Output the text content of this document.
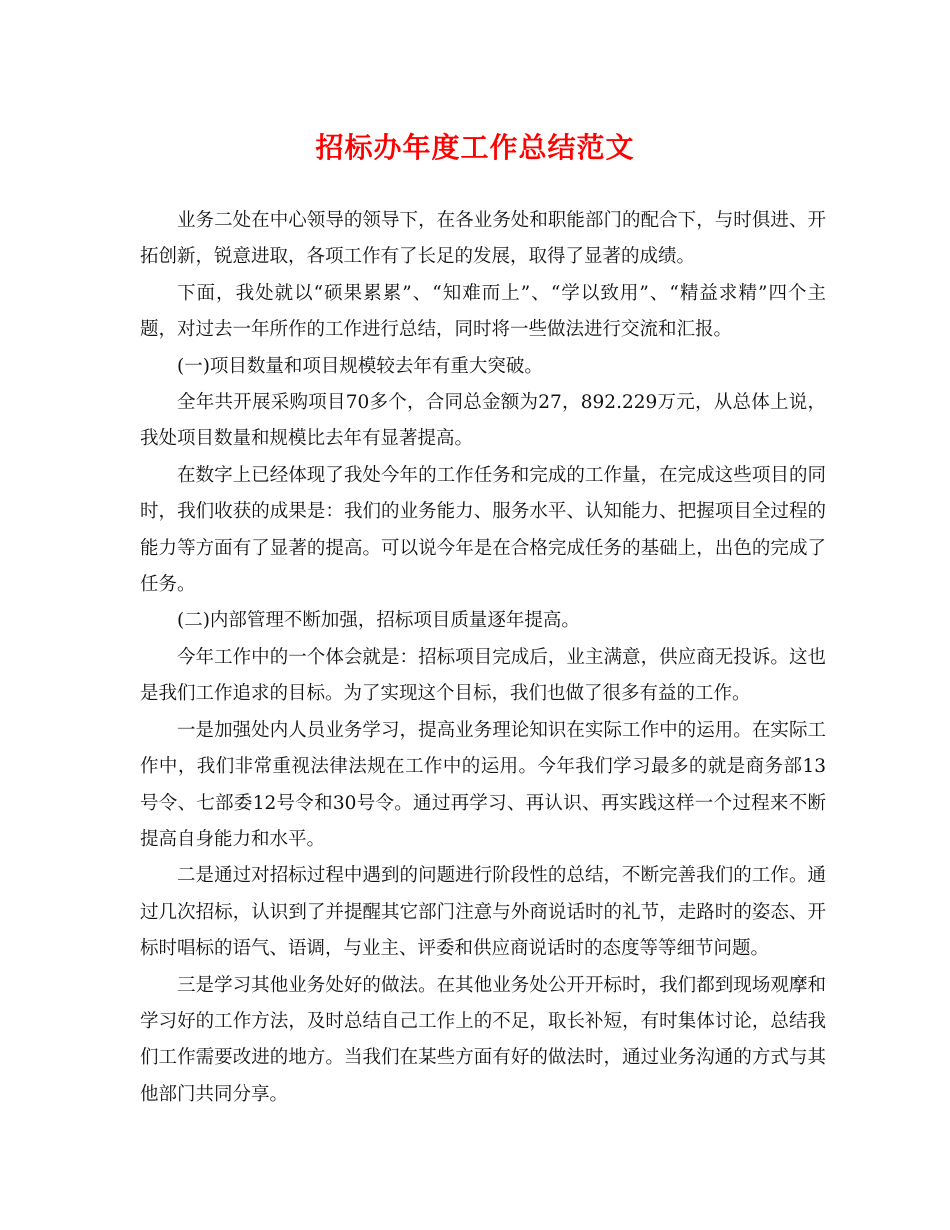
招标办年度工作总结范文

业务二处在中心领导的领导下，在各业务处和职能部门的配合下，与时俱进、开拓创新，锐意进取，各项工作有了长足的发展，取得了显著的成绩。

下面，我处就以“硕果累累”、“知难而上”、“学以致用”、“精益求精”四个主题，对过去一年所作的工作进行总结，同时将一些做法进行交流和汇报。

(一)项目数量和项目规模较去年有重大突破。

全年共开展采购项目70多个，合同总金额为27，892.229万元，从总体上说，我处项目数量和规模比去年有显著提高。

在数字上已经体现了我处今年的工作任务和完成的工作量，在完成这些项目的同时，我们收获的成果是：我们的业务能力、服务水平、认知能力、把握项目全过程的能力等方面有了显著的提高。可以说今年是在合格完成任务的基础上，出色的完成了任务。

(二)内部管理不断加强，招标项目质量逐年提高。

今年工作中的一个体会就是：招标项目完成后，业主满意，供应商无投诉。这也是我们工作追求的目标。为了实现这个目标，我们也做了很多有益的工作。

一是加强处内人员业务学习，提高业务理论知识在实际工作中的运用。在实际工作中，我们非常重视法律法规在工作中的运用。今年我们学习最多的就是商务部13号令、七部委12号令和30号令。通过再学习、再认识、再实践这样一个过程来不断提高自身能力和水平。

二是通过对招标过程中遇到的问题进行阶段性的总结，不断完善我们的工作。通过几次招标，认识到了并提醒其它部门注意与外商说话时的礼节，走路时的姿态、开标时唱标的语气、语调，与业主、评委和供应商说话时的态度等等细节问题。

三是学习其他业务处好的做法。在其他业务处公开开标时，我们都到现场观摩和学习好的工作方法，及时总结自己工作上的不足，取长补短，有时集体讨论，总结我们工作需要改进的地方。当我们在某些方面有好的做法时，通过业务沟通的方式与其他部门共同分享。
